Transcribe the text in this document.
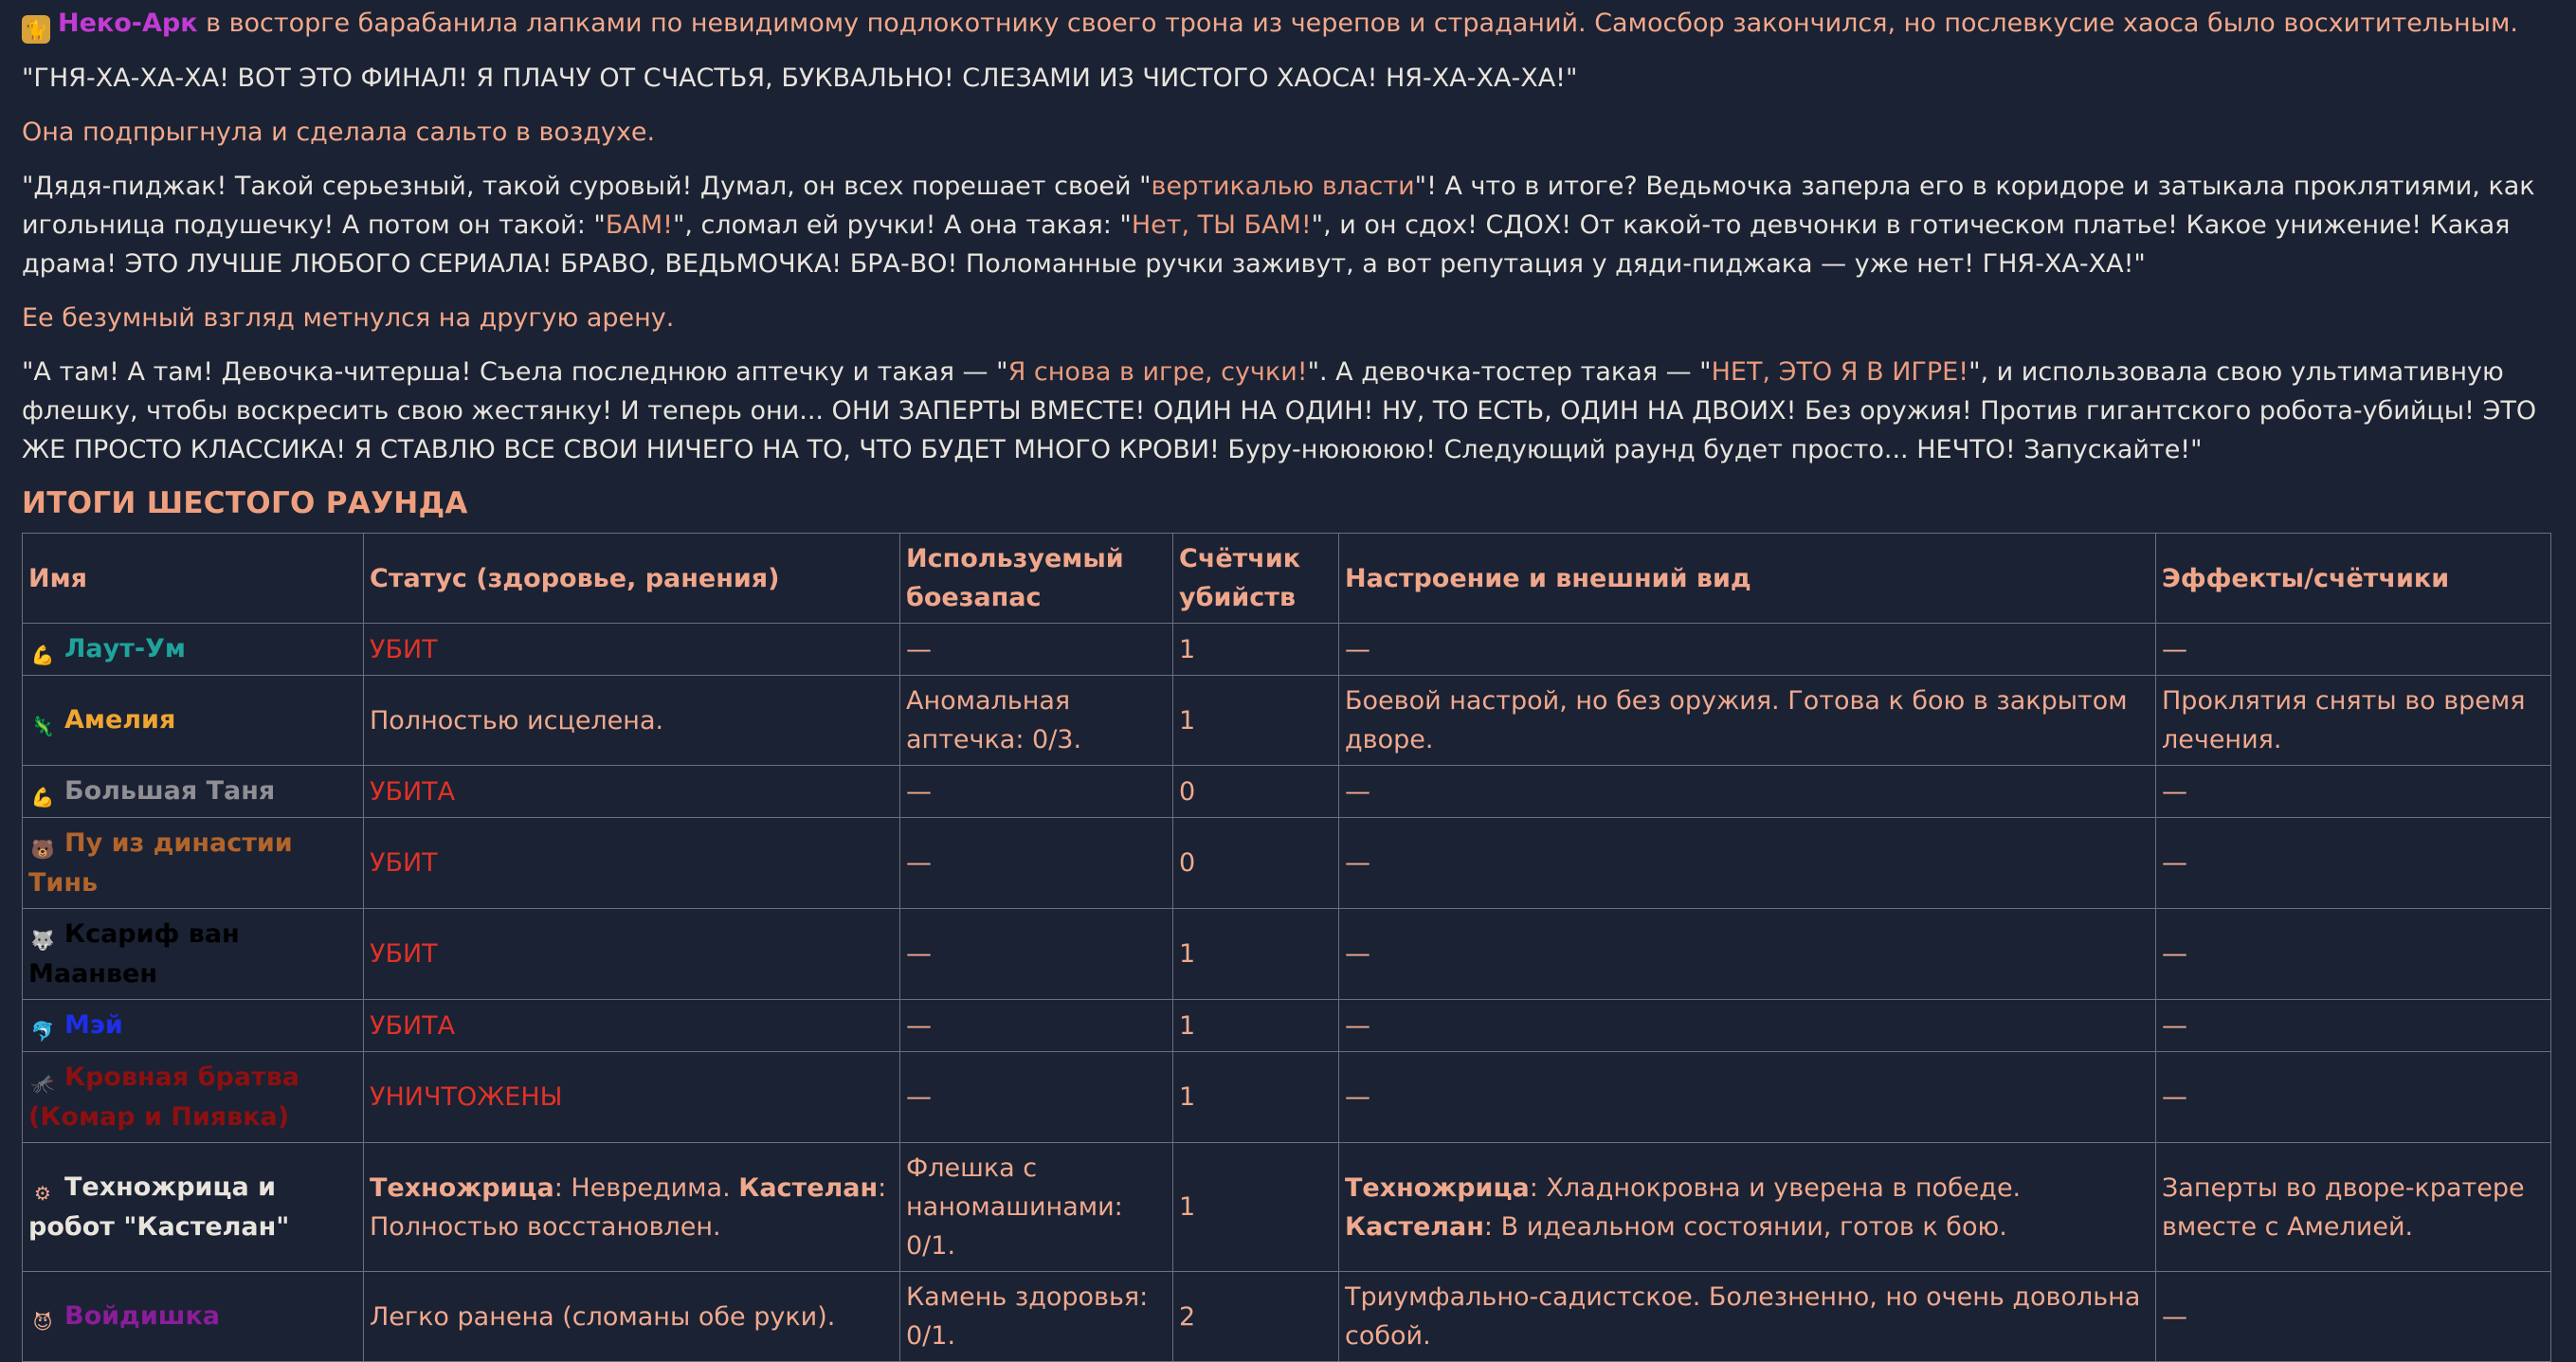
🐈 Неко-Арк в восторге барабанила лапками по невидимому подлокотнику своего трона из черепов и страданий. Самосбор закончился, но послевкусие хаоса было восхитительным.

"ГНЯ-ХА-ХА-ХА! ВОТ ЭТО ФИНАЛ! Я ПЛАЧУ ОТ СЧАСТЬЯ, БУКВАЛЬНО! СЛЕЗАМИ ИЗ ЧИСТОГО ХАОСА! НЯ-ХА-ХА-ХА!"

Она подпрыгнула и сделала сальто в воздухе.

"Дядя-пиджак! Такой серьезный, такой суровый! Думал, он всех порешает своей "вертикалью власти"! А что в итоге? Ведьмочка заперла его в коридоре и затыкала проклятиями, как игольница подушечку! А потом он такой: "БАМ!", сломал ей ручки! А она такая: "Нет, ТЫ БАМ!", и он сдох! СДОХ! От какой-то девчонки в готическом платье! Какое унижение! Какая драма! ЭТО ЛУЧШЕ ЛЮБОГО СЕРИАЛА! БРАВО, ВЕДЬМОЧКА! БРА-ВО! Поломанные ручки заживут, а вот репутация у дяди-пиджака — уже нет! ГНЯ-ХА-ХА!"

Ее безумный взгляд метнулся на другую арену.

"А там! А там! Девочка-читерша! Съела последнюю аптечку и такая — "Я снова в игре, сучки!". А девочка-тостер такая — "НЕТ, ЭТО Я В ИГРЕ!", и использовала свою ультимативную флешку, чтобы воскресить свою жестянку! И теперь они... ОНИ ЗАПЕРТЫ ВМЕСТЕ! ОДИН НА ОДИН! НУ, ТО ЕСТЬ, ОДИН НА ДВОИХ! Без оружия! Против гигантского робота-убийцы! ЭТО ЖЕ ПРОСТО КЛАССИКА! Я СТАВЛЮ ВСЕ СВОИ НИЧЕГО НА ТО, ЧТО БУДЕТ МНОГО КРОВИ! Буру-нююююю! Следующий раунд будет просто... НЕЧТО! Запускайте!"

ИТОГИ ШЕСТОГО РАУНДА
Имя	Статус (здоровье, ранения)	Используемый боезапас	Счётчик убийств	Настроение и внешний вид	Эффекты/счётчики
💪 Лаут-Ум	УБИТ	—	1	—	—
🦎 Амелия	Полностью исцелена.	Аномальная аптечка: 0/3.	1	Боевой настрой, но без оружия. Готова к бою в закрытом дворе.	Проклятия сняты во время лечения.
💪 Большая Таня	УБИТА	—	0	—	—
🐻 Пу из династии Тинь	УБИТ	—	0	—	—
🐺 Ксариф ван Маанвен	УБИТ	—	1	—	—
🐬 Мэй	УБИТА	—	1	—	—
🦟 Кровная братва (Комар и Пиявка)	УНИЧТОЖЕНЫ	—	1	—	—
⚙ Техножрица и робот "Кастелан"	Техножрица: Невредима. Кастелан: Полностью восстановлен.	Флешка с наномашинами: 0/1.	1	Техножрица: Хладнокровна и уверена в победе. Кастелан: В идеальном состоянии, готов к бою.	Заперты во дворе-кратере вместе с Амелией.
😈 Войдишка	Легко ранена (сломаны обе руки).	Камень здоровья: 0/1.	2	Триумфально-садистское. Болезненно, но очень довольна собой.	—
